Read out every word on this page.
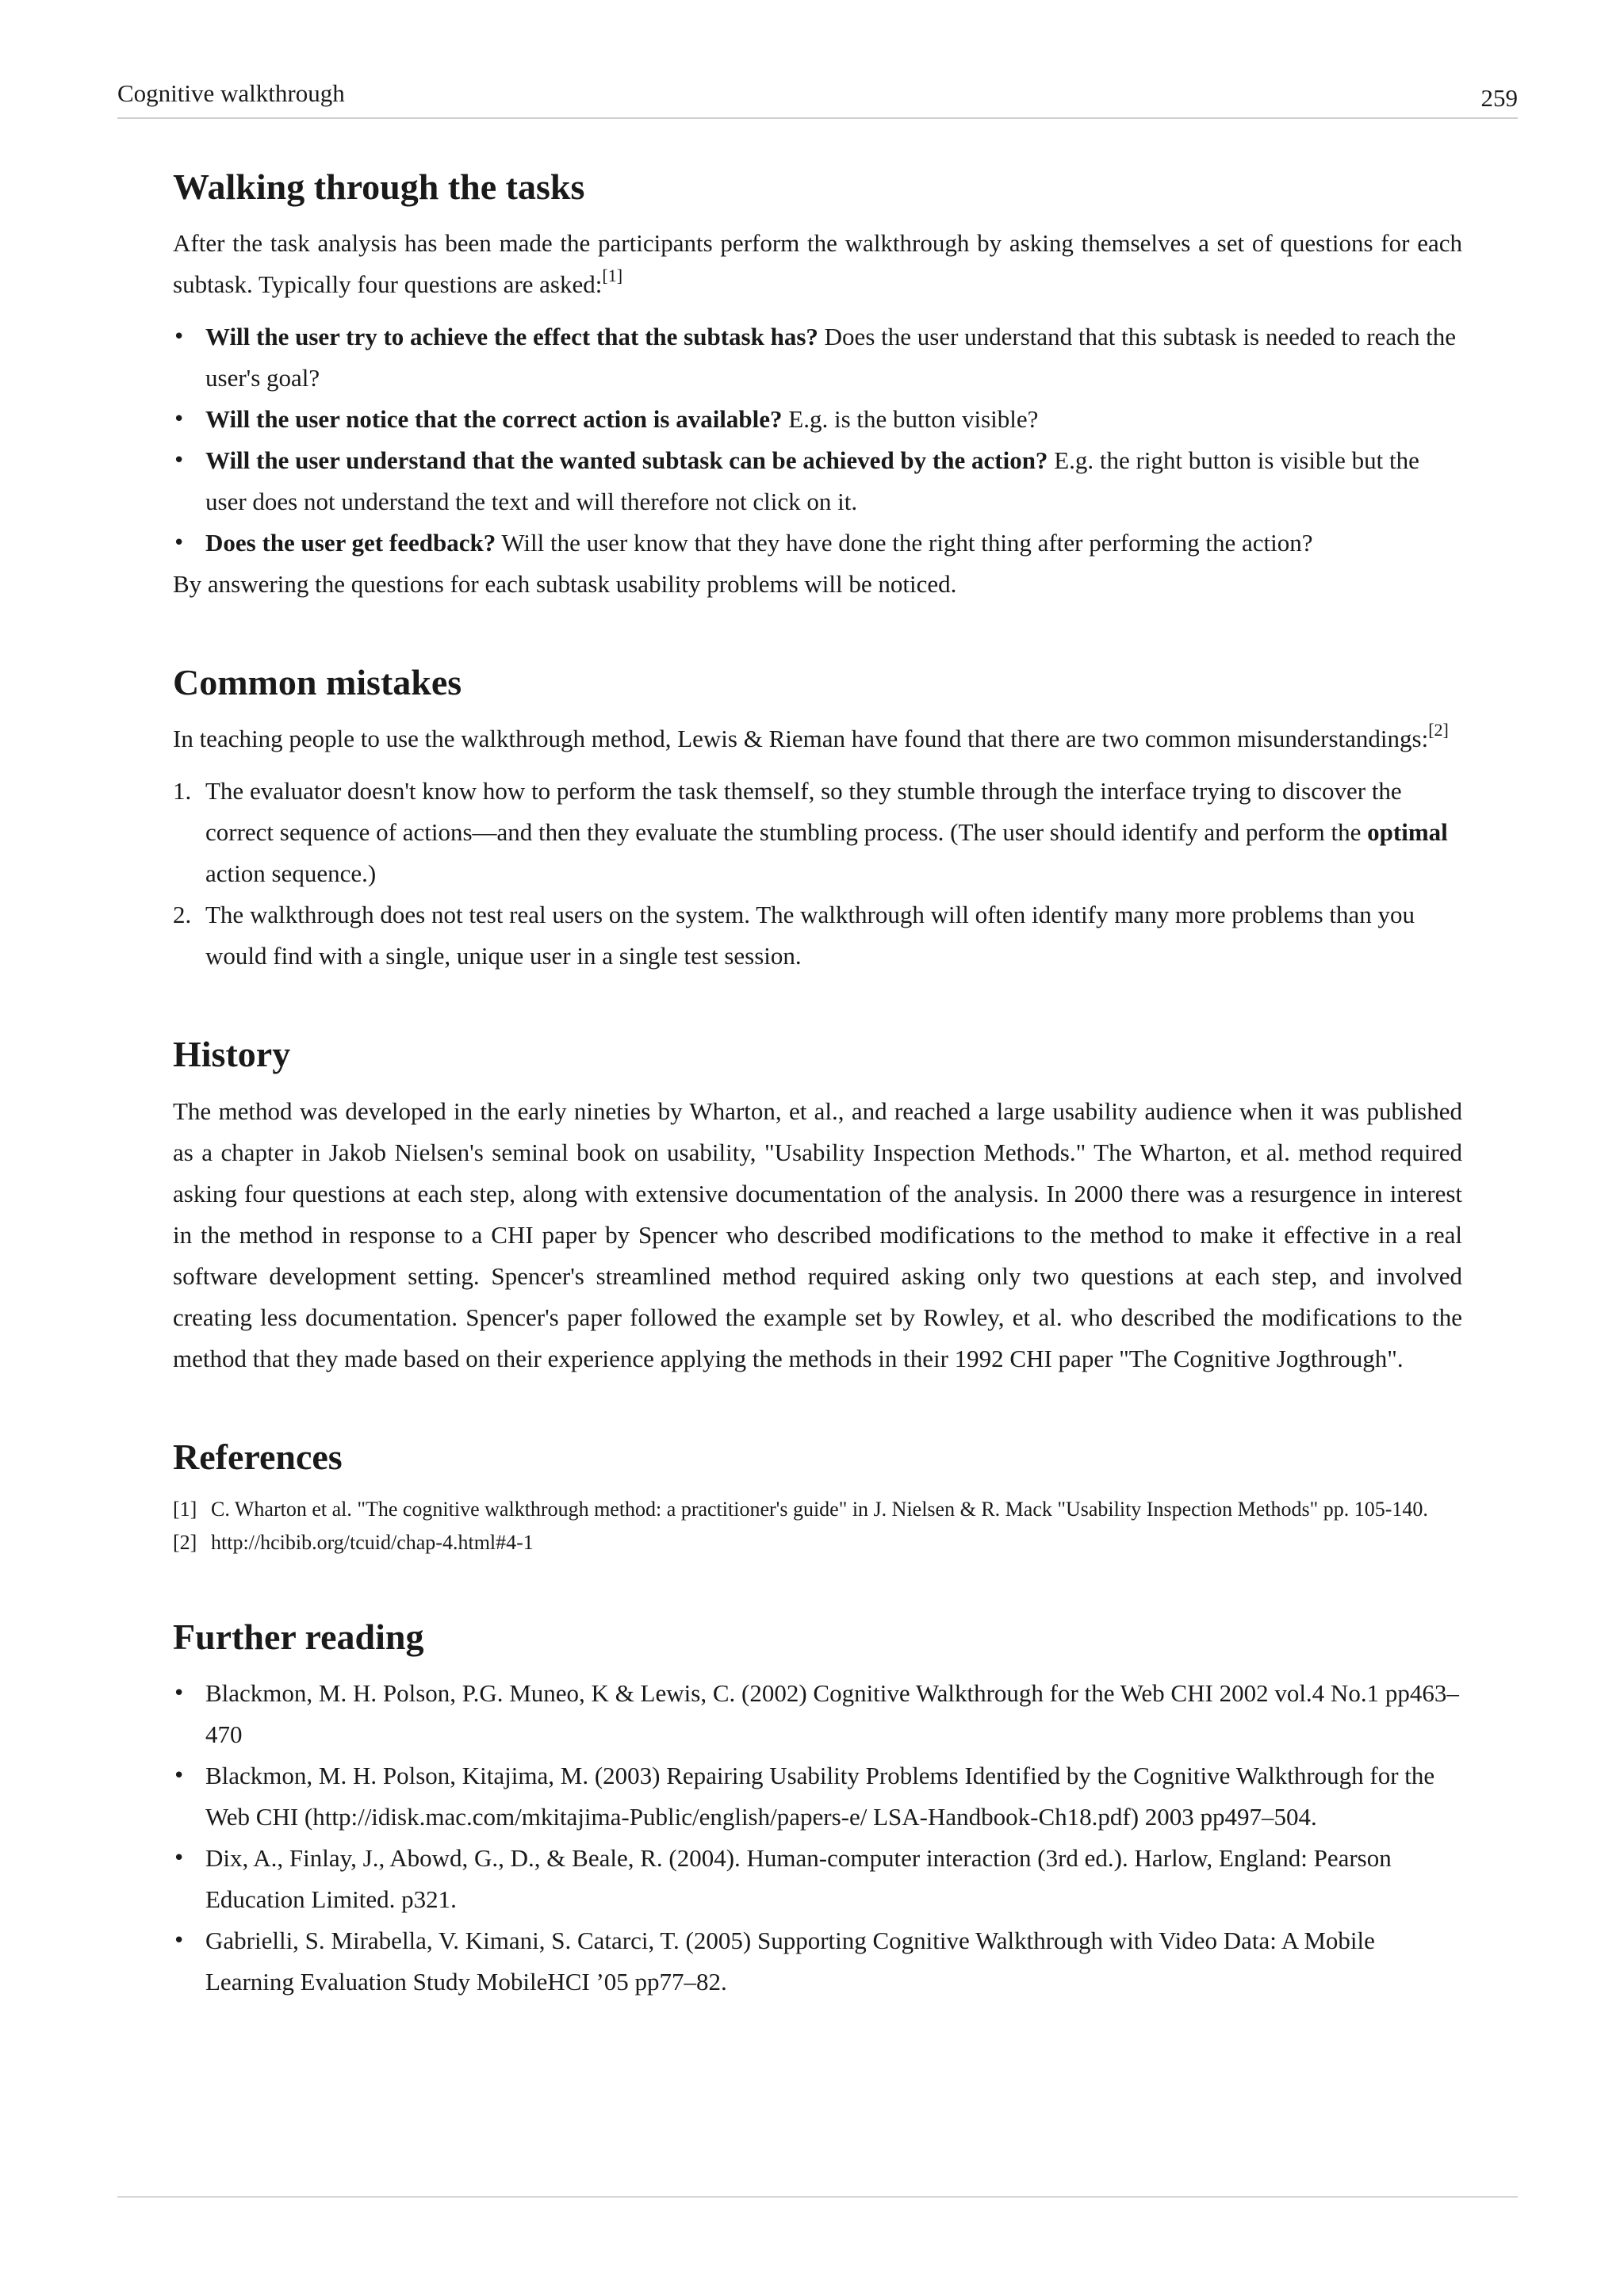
Cognitive walkthrough	259
Walking through the tasks

After the task analysis has been made the participants perform the walkthrough by asking themselves a set of questions for each subtask. Typically four questions are asked:[1]

• Will the user try to achieve the effect that the subtask has? Does the user understand that this subtask is needed to reach the user's goal?
• Will the user notice that the correct action is available? E.g. is the button visible?
• Will the user understand that the wanted subtask can be achieved by the action? E.g. the right button is visible but the user does not understand the text and will therefore not click on it.
• Does the user get feedback? Will the user know that they have done the right thing after performing the action?

By answering the questions for each subtask usability problems will be noticed.

Common mistakes

In teaching people to use the walkthrough method, Lewis & Rieman have found that there are two common misunderstandings:[2]

1. The evaluator doesn't know how to perform the task themself, so they stumble through the interface trying to discover the correct sequence of actions—and then they evaluate the stumbling process. (The user should identify and perform the optimal action sequence.)
2. The walkthrough does not test real users on the system. The walkthrough will often identify many more problems than you would find with a single, unique user in a single test session.
History

The method was developed in the early nineties by Wharton, et al., and reached a large usability audience when it was published as a chapter in Jakob Nielsen's seminal book on usability, "Usability Inspection Methods." The Wharton, et al. method required asking four questions at each step, along with extensive documentation of the analysis. In 2000 there was a resurgence in interest in the method in response to a CHI paper by Spencer who described modifications to the method to make it effective in a real software development setting. Spencer's streamlined method required asking only two questions at each step, and involved creating less documentation. Spencer's paper followed the example set by Rowley, et al. who described the modifications to the method that they made based on their experience applying the methods in their 1992 CHI paper "The Cognitive Jogthrough".

References
[1] C. Wharton et al. "The cognitive walkthrough method: a practitioner's guide" in J. Nielsen & R. Mack "Usability Inspection Methods" pp. 105-140.
[2] http://hcibib.org/tcuid/chap-4.html#4-1
Further reading
• Blackmon, M. H. Polson, P.G. Muneo, K & Lewis, C. (2002) Cognitive Walkthrough for the Web CHI 2002 vol.4 No.1 pp463–470
• Blackmon, M. H. Polson, Kitajima, M. (2003) Repairing Usability Problems Identified by the Cognitive Walkthrough for the Web CHI (http://idisk.mac.com/mkitajima-Public/english/papers-e/ LSA-Handbook-Ch18.pdf) 2003 pp497–504.
• Dix, A., Finlay, J., Abowd, G., D., & Beale, R. (2004). Human-computer interaction (3rd ed.). Harlow, England: Pearson Education Limited. p321.
• Gabrielli, S. Mirabella, V. Kimani, S. Catarci, T. (2005) Supporting Cognitive Walkthrough with Video Data: A Mobile Learning Evaluation Study MobileHCI ’05 pp77–82.
